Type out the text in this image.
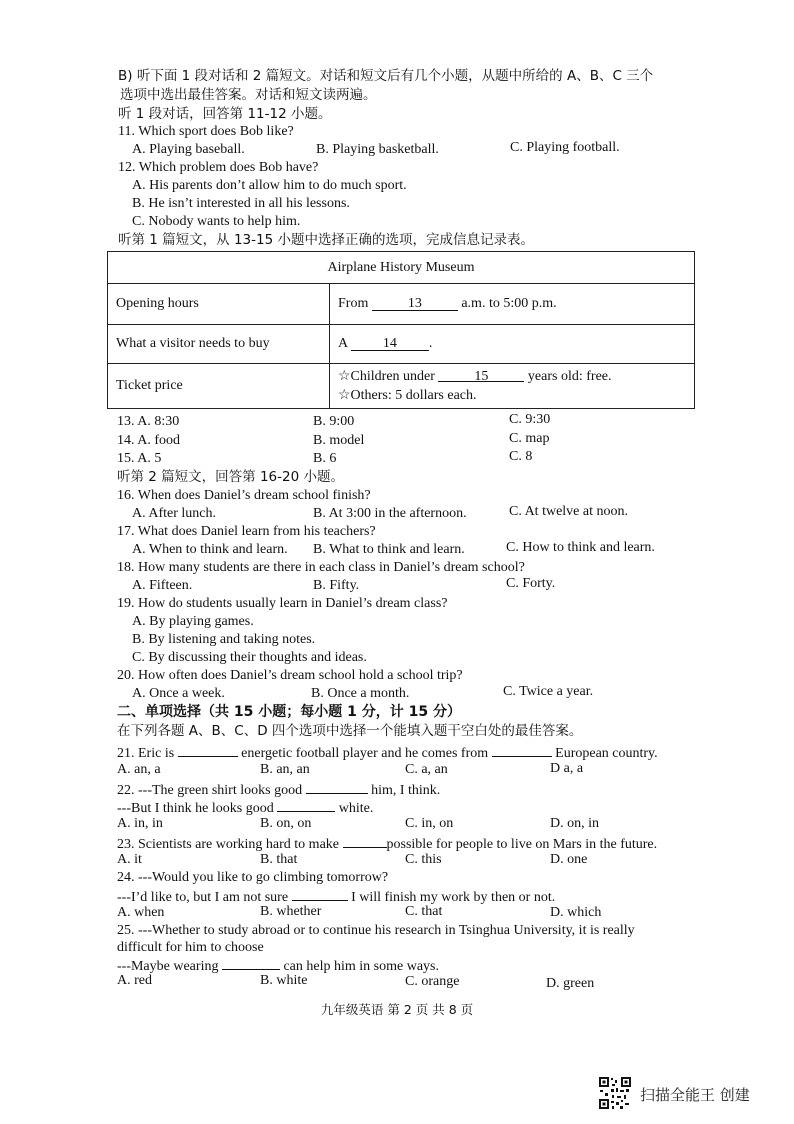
B) 听下面 1 段对话和 2 篇短文。对话和短文后有几个小题，从题中所给的 A、B、C 三个
选项中选出最佳答案。对话和短文读两遍。
听 1 段对话，回答第 11-12 小题。
11. Which sport does Bob like?
A. Playing baseball.	B. Playing basketball.	C. Playing football.
12. Which problem does Bob have?
A. His parents don’t allow him to do much sport.
B. He isn’t interested in all his lessons.
C. Nobody wants to help him.
听第 1 篇短文，从 13-15 小题中选择正确的选项，完成信息记录表。
Airplane History Museum	
Opening hours	From 13 a.m. to 5:00 p.m.
What a visitor needs to buy	A 14 .
Ticket price	☆Children under 15 years old: free.
☆Others: 5 dollars each.
13. A. 8:30	B. 9:00	C. 9:30
14. A. food	B. model	C. map
15. A. 5	B. 6	C. 8
听第 2 篇短文，回答第 16-20 小题。
16. When does Daniel’s dream school finish?
A. After lunch.	B. At 3:00 in the afternoon.	C. At twelve at noon.
17. What does Daniel learn from his teachers?
A. When to think and learn. B. What to think and learn.	C. How to think and learn.
18. How many students are there in each class in Daniel’s dream school?
A. Fifteen.	B. Fifty.	C. Forty.
19. How do students usually learn in Daniel’s dream class?
A. By playing games.
B. By listening and taking notes.
C. By discussing their thoughts and ideas.
20. How often does Daniel’s dream school hold a school trip?
A. Once a week.	B. Once a month.	C. Twice a year.
二、单项选择（共 15 小题；每小题 1 分，计 15 分）
在下列各题 A、B、C、D 四个选项中选择一个能填入题干空白处的最佳答案。
21. Eric is	energetic football player and he comes from	European country.
A. an, a	B. an, an	C. a, an	D a, a
22. ---The green shirt looks good	him, I think.
---But I think he looks good	white.
A. in, in	B. on, on	C. in, on	D. on, in
23. Scientists are working hard to make	possible for people to live on Mars in the future.
A. it	B. that	C. this	D. one
24. ---Would you like to go climbing tomorrow?
---I’d like to, but I am not sure	I will finish my work by then or not.
A. when	B. whether	C. that	D. which
25. ---Whether to study abroad or to continue his research in Tsinghua University, it is really
difficult for him to choose
---Maybe wearing	can help him in some ways.
A. red	B. white	C. orange	D. green
九年级英语 第 2 页 共 8 页
扫描全能王 创建
